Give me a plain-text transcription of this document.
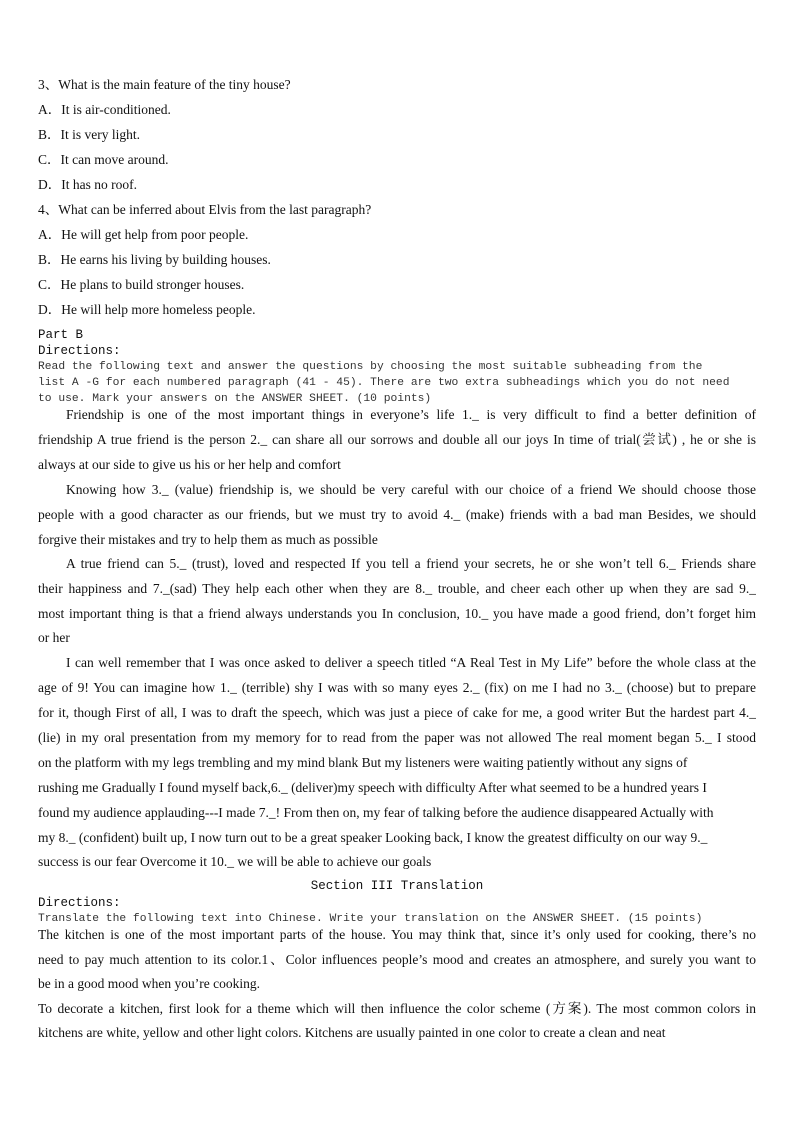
3、What is the main feature of the tiny house?
A．It is air-conditioned.
B．It is very light.
C．It can move around.
D．It has no roof.
4、What can be inferred about Elvis from the last paragraph?
A．He will get help from poor people.
B．He earns his living by building houses.
C．He plans to build stronger houses.
D．He will help more homeless people.
Part B
Directions:
Read the following text and answer the questions by choosing the most suitable subheading from the
list A -G for each numbered paragraph (41 - 45). There are two extra subheadings which you do not need
to use. Mark your answers on the ANSWER SHEET. (10 points)
Friendship is one of the most important things in everyone’s life 1._ is very difficult to find a better definition of
friendship A true friend is the person 2._ can share all our sorrows and double all our joys In time of trial(尝试) , he or she is
always at our side to give us his or her help and comfort
Knowing how 3._ (value) friendship is, we should be very careful with our choice of a friend We should choose those
people with a good character as our friends, but we must try to avoid 4._ (make) friends with a bad man Besides, we should
forgive their mistakes and try to help them as much as possible
A true friend can 5._ (trust), loved and respected If you tell a friend your secrets, he or she won’t tell 6._ Friends share
their happiness and 7._(sad) They help each other when they are 8._ trouble, and cheer each other up when they are sad 9._
most important thing is that a friend always understands you In conclusion, 10._ you have made a good friend, don’t forget him
or her
I can well remember that I was once asked to deliver a speech titled “A Real Test in My Life” before the whole class at the
age of 9! You can imagine how 1._ (terrible) shy I was with so many eyes 2._ (fix) on me I had no 3._ (choose) but to prepare
for it, though First of all, I was to draft the speech, which was just a piece of cake for me, a good writer But the hardest part 4._
(lie) in my oral presentation from my memory for to read from the paper was not allowed The real moment began 5._ I stood
on the platform with my legs trembling and my mind blank But my listeners were waiting patiently without any signs of
rushing me Gradually I found myself back,6._ (deliver)my speech with difficulty After what seemed to be a hundred years I
found my audience applauding---I made 7._! From then on, my fear of talking before the audience disappeared Actually with
my 8._ (confident) built up, I now turn out to be a great speaker Looking back, I know the greatest difficulty on our way 9._
success is our fear Overcome it 10._ we will be able to achieve our goals
Section III Translation
Directions:
Translate the following text into Chinese. Write your translation on the ANSWER SHEET. (15 points)
The kitchen is one of the most important parts of the house. You may think that, since it’s only used for cooking, there’s no
need to pay much attention to its color.1、Color influences people’s mood and creates an atmosphere, and surely you want to
be in a good mood when you’re cooking.
To decorate a kitchen, first look for a theme which will then influence the color scheme (方案). The most common colors in
kitchens are white, yellow and other light colors. Kitchens are usually painted in one color to create a clean and neat
